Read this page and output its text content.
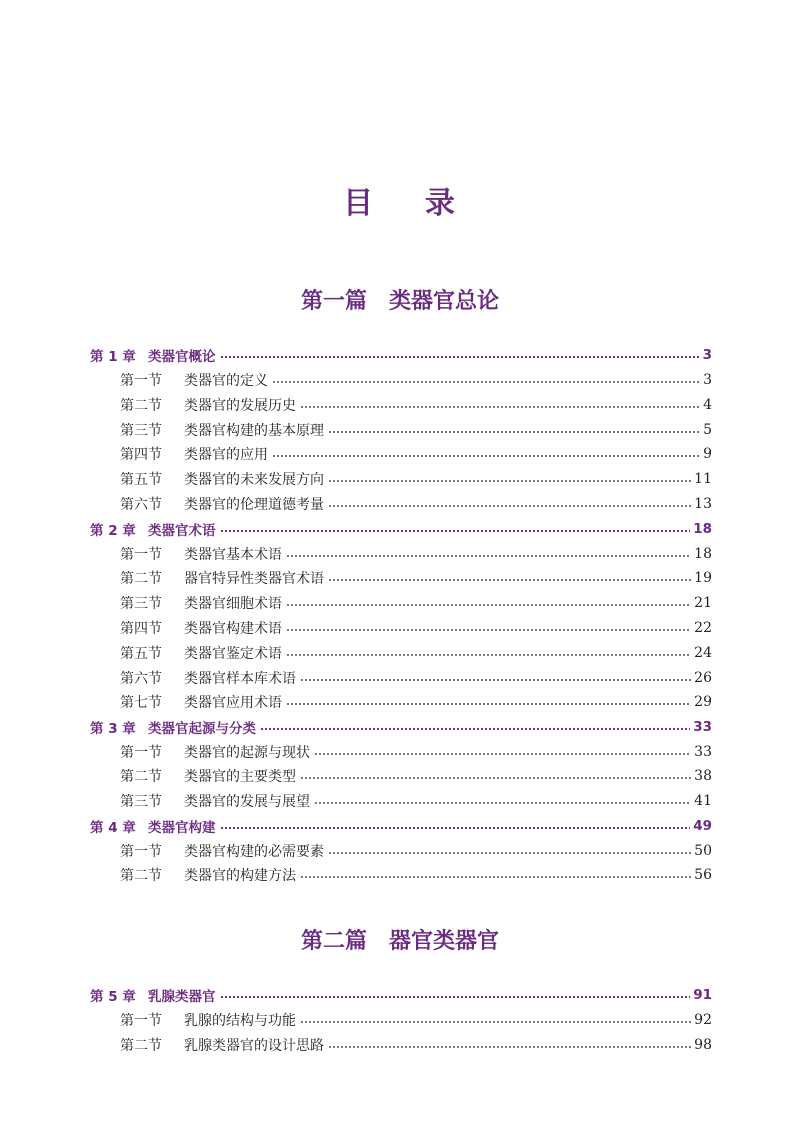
目    录
第一篇　类器官总论
第 1 章 类器官概论	3
第一节	类器官的定义	3
第二节	类器官的发展历史	4
第三节	类器官构建的基本原理	5
第四节	类器官的应用	9
第五节	类器官的未来发展方向	11
第六节	类器官的伦理道德考量	13
第 2 章 类器官术语	18
第一节	类器官基本术语	18
第二节	器官特异性类器官术语	19
第三节	类器官细胞术语	21
第四节	类器官构建术语	22
第五节	类器官鉴定术语	24
第六节	类器官样本库术语	26
第七节	类器官应用术语	29
第 3 章 类器官起源与分类	33
第一节	类器官的起源与现状	33
第二节	类器官的主要类型	38
第三节	类器官的发展与展望	41
第 4 章 类器官构建	49
第一节	类器官构建的必需要素	50
第二节	类器官的构建方法	56
第二篇　器官类器官
第 5 章 乳腺类器官	91
第一节	乳腺的结构与功能	92
第二节	乳腺类器官的设计思路	98
